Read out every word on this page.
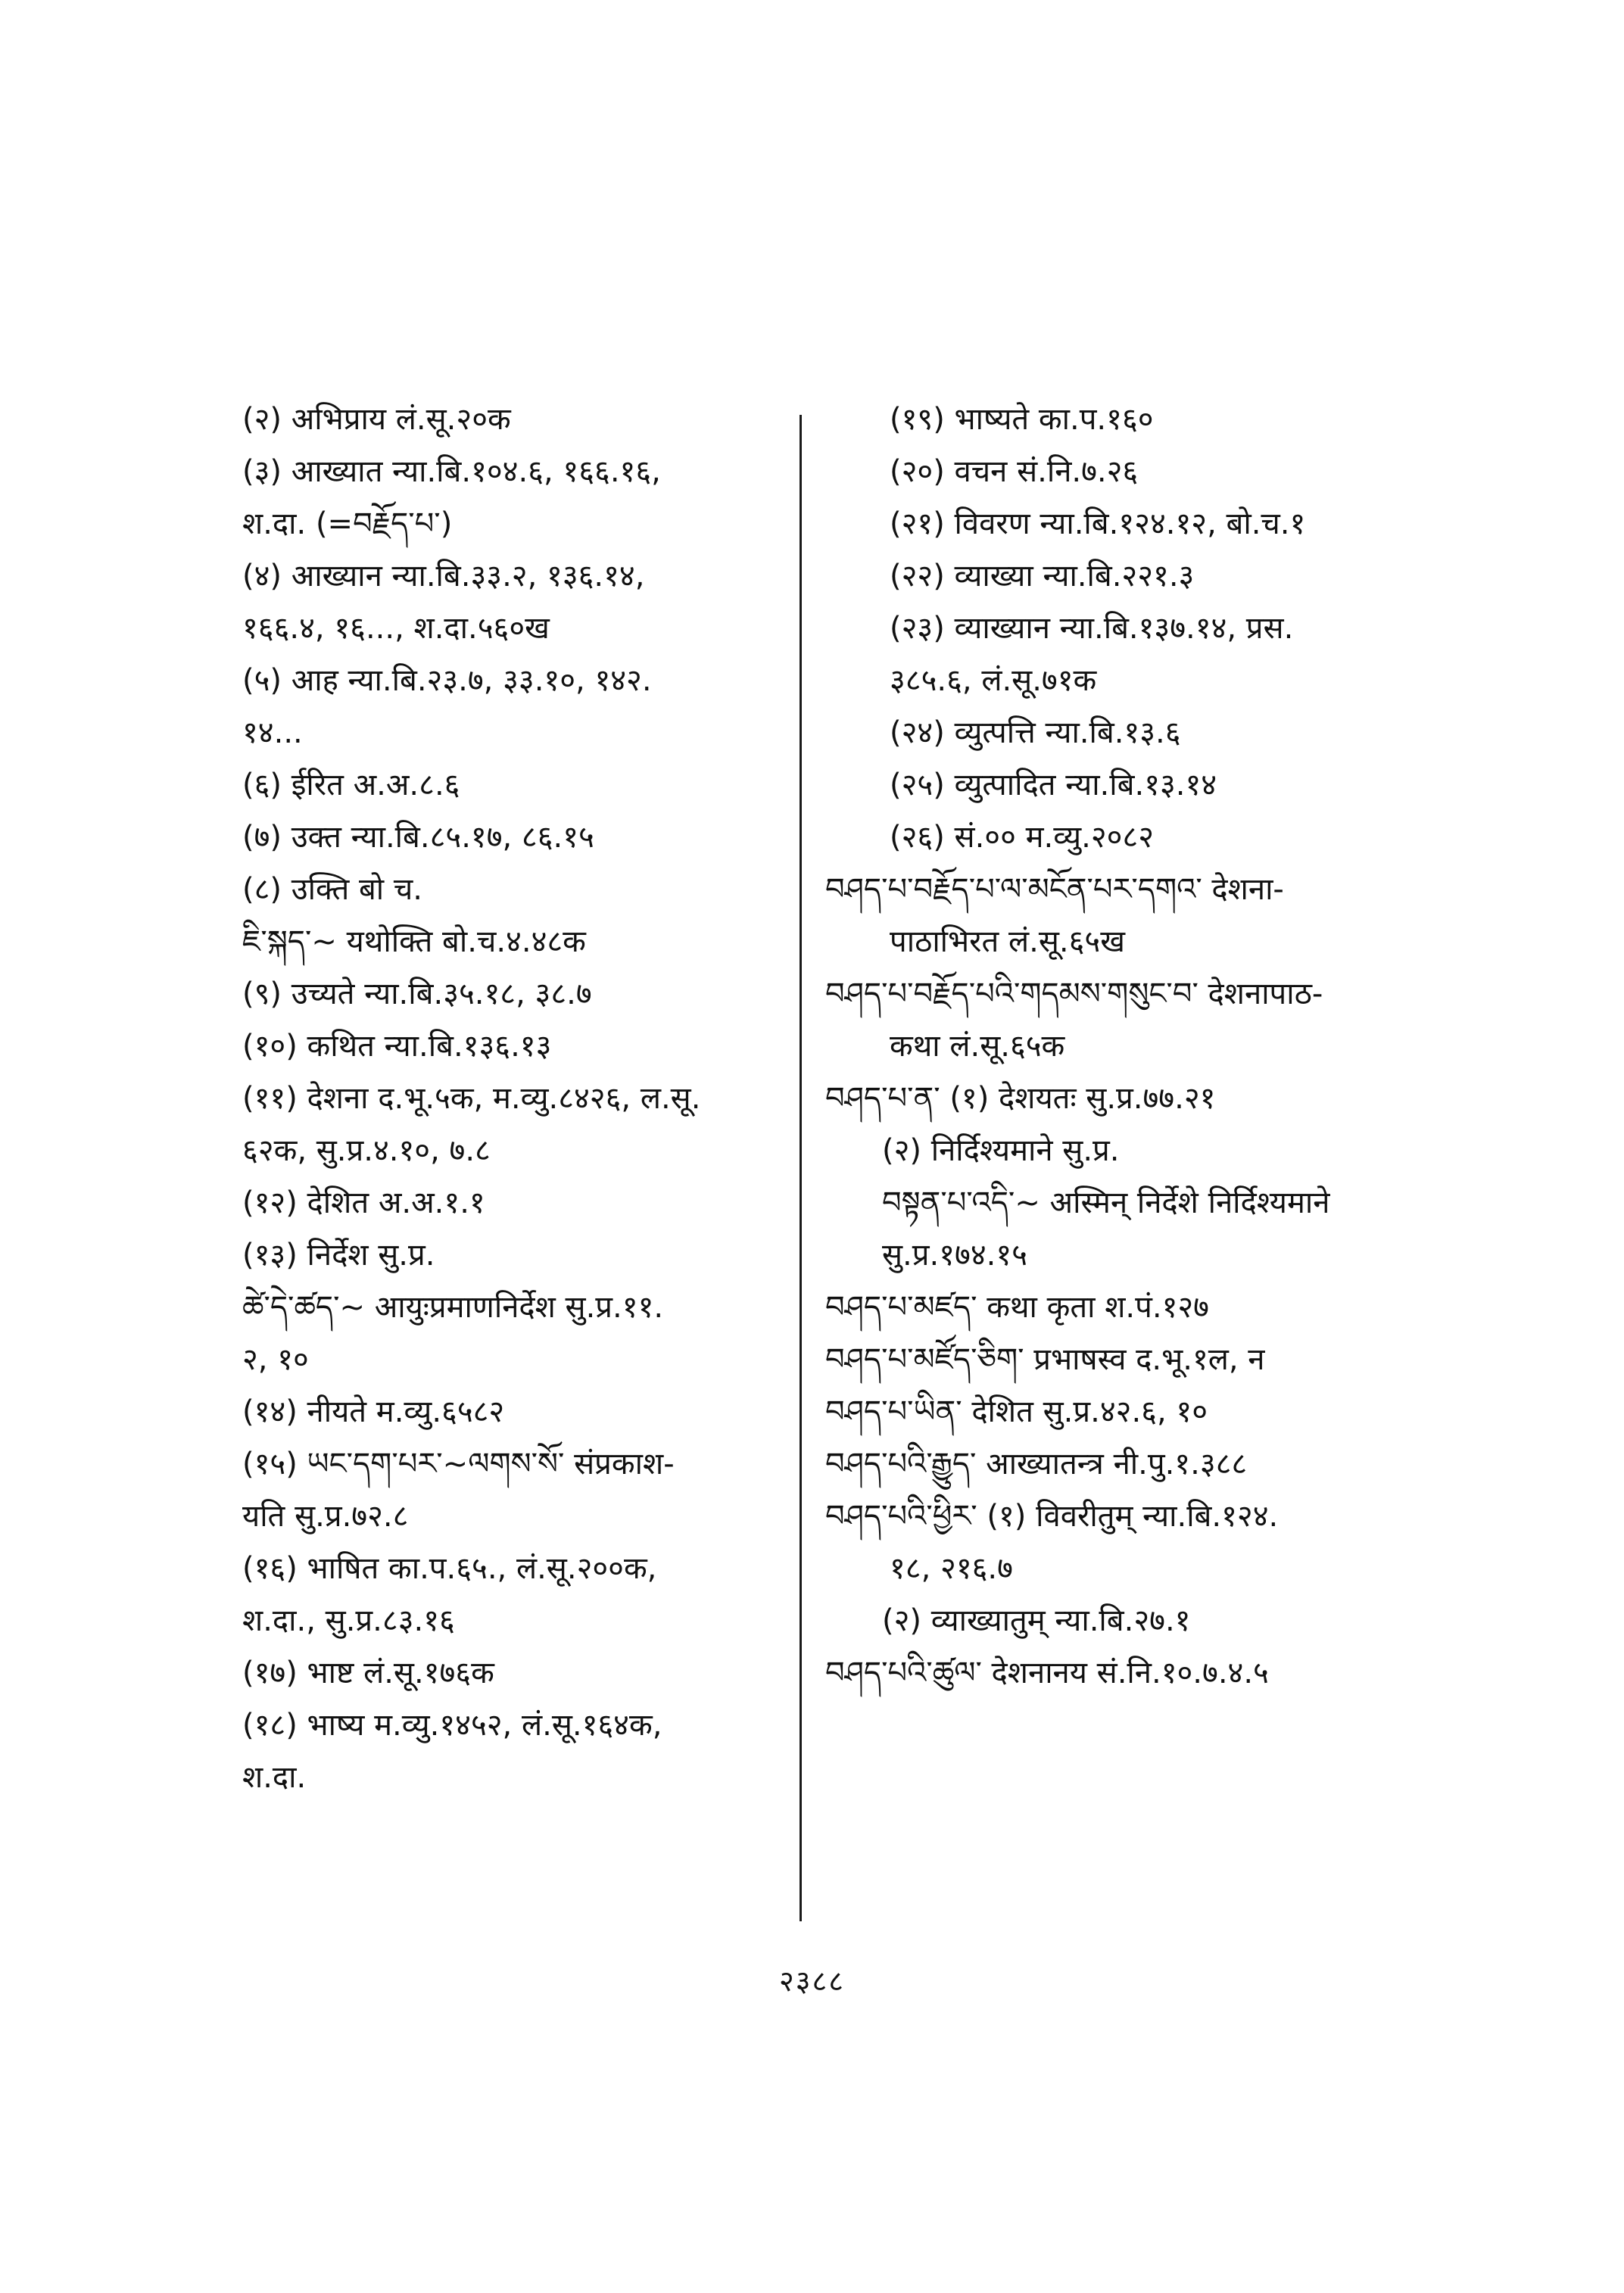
(२) अभिप्राय लं.सू.२०क
(३) आख्यात न्या.बि.१०४.६, १६६.१६,
श.दा. (=བརྗོད་པ་)
(४) आख्यान न्या.बि.३३.२, १३६.१४,
१६६.४, १६..., श.दा.५६०ख
(५) आह न्या.बि.२३.७, ३३.१०, १४२.
१४...
(६) ईरित अ.अ.८.६
(७) उक्त न्या.बि.८५.१७, ८६.१५
(८) उक्ति बो च.
ཇི་སྐད་~ यथोक्ति बो.च.४.४८क
(९) उच्यते न्या.बि.३५.१८, ३८.७
(१०) कथित न्या.बि.१३६.१३
(११) देशना द.भू.५क, म.व्यु.८४२६, ल.सू.
६२क, सु.प्र.४.१०, ७.८
(१२) देशित अ.अ.१.१
(१३) निर्देश सु.प्र.
ཚེ་དེ་ཚད་~ आयुःप्रमाणनिर्देश सु.प्र.११.
२, १०
(१४) नीयते म.व्यु.६५८२
(१५) ཡང་དག་པར་~ལགས་སོ་ संप्रकाश-
यति सु.प्र.७२.८
(१६) भाषित का.प.६५., लं.सू.२००क,
श.दा., सु.प्र.८३.१६
(१७) भाष्ट लं.सू.१७६क
(१८) भाष्य म.व्यु.१४५२, लं.सू.१६४क,
श.दा.
(१९) भाष्यते का.प.१६०
(२०) वचन सं.नि.७.२६
(२१) विवरण न्या.बि.१२४.१२, बो.च.१
(२२) व्याख्या न्या.बि.२२१.३
(२३) व्याख्यान न्या.बि.१३७.१४, प्रस.
३८५.६, लं.सू.७१क
(२४) व्युत्पत्ति न्या.बि.१३.६
(२५) व्युत्पादित न्या.बि.१३.१४
(२६) सं.०० म.व्यु.२०८२
བཤད་པ་བརྗོད་པ་ལ་མངོན་པར་དགའ་ देशना-
पाठाभिरत लं.सू.६५ख
བཤད་པ་བརྗོད་པའི་གདམས་གསུང་བ་ देशनापाठ-
कथा लं.सू.६५क
བཤད་པ་ན་ (१) देशयतः सु.प्र.७७.२१
(२) निर्दिश्यमाने सु.प्र.
བསྟན་པ་འདི་~ अस्मिन् निर्देशे निर्दिश्यमाने
सु.प्र.१७४.१५
བཤད་པ་མཛད་ कथा कृता श.पं.१२७
བཤད་པ་མཛོད་ཅིག་ प्रभाषस्व द.भू.१ल, न
བཤད་པ་ཡིན་ देशित सु.प्र.४२.६, १०
བཤད་པའི་རྒྱུད་ आख्यातन्त्र नी.पु.१.३८८
བཤད་པའི་ཕྱིར་ (१) विवरीतुम् न्या.बि.१२४.
१८, २१६.७
(२) व्याख्यातुम् न्या.बि.२७.१
བཤད་པའི་ཚུལ་ देशनानय सं.नि.१०.७.४.५
२३८८
